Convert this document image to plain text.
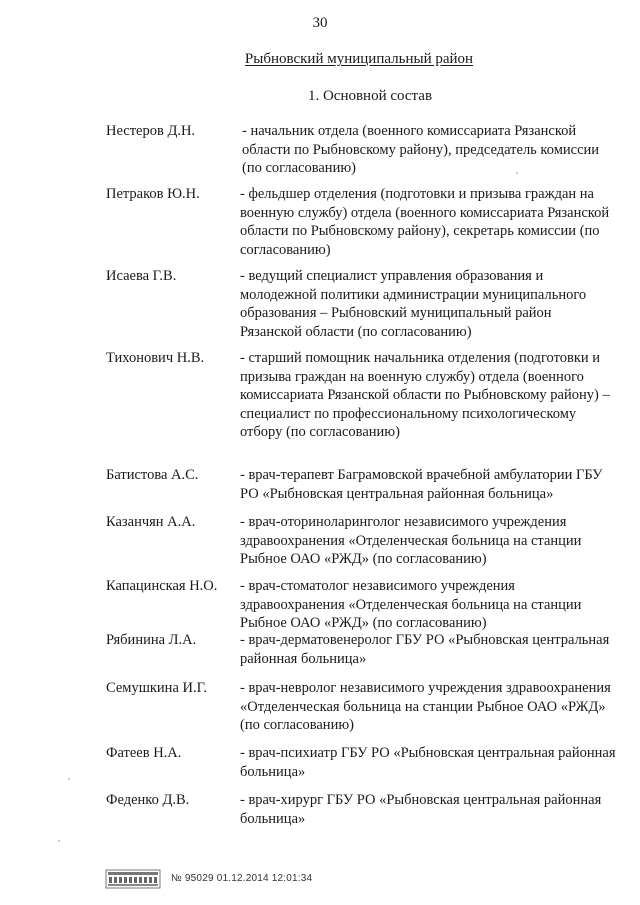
30
Рыбновский муниципальный район
1. Основной состав
Нестеров Д.Н.	- начальник отдела (военного комиссариата Рязанской области по Рыбновскому району), председатель комиссии (по согласованию)
Петраков Ю.Н.	- фельдшер отделения (подготовки и призыва граждан на военную службу) отдела (военного комиссариата Рязанской области по Рыбновскому району), секретарь комиссии (по согласованию)
Исаева Г.В.	- ведущий специалист управления образования и молодежной политики администрации муниципального образования – Рыбновский муниципальный район Рязанской области (по согласованию)
Тихонович Н.В.	- старший помощник начальника отделения (подготовки и призыва граждан на военную службу) отдела (военного комиссариата Рязанской области по Рыбновскому району) – специалист по профессиональному психологическому отбору (по согласованию)
Батистова А.С.	- врач-терапевт Баграмовской врачебной амбулатории ГБУ РО «Рыбновская центральная районная больница»
Казанчян А.А.	- врач-оториноларинголог независимого учреждения здравоохранения «Отделенческая больница на станции Рыбное ОАО «РЖД» (по согласованию)
Капацинская Н.О.	- врач-стоматолог независимого учреждения здравоохранения «Отделенческая больница на станции Рыбное ОАО «РЖД» (по согласованию)
Рябинина Л.А.	- врач-дерматовенеролог ГБУ РО «Рыбновская центральная районная больница»
Семушкина И.Г.	- врач-невролог независимого учреждения здравоохранения «Отделенческая больница на станции Рыбное ОАО «РЖД» (по согласованию)
Фатеев Н.А.	- врач-психиатр ГБУ РО «Рыбновская центральная районная больница»
Феденко Д.В.	- врач-хирург ГБУ РО «Рыбновская центральная районная больница»
№ 95029 01.12.2014 12:01:34
